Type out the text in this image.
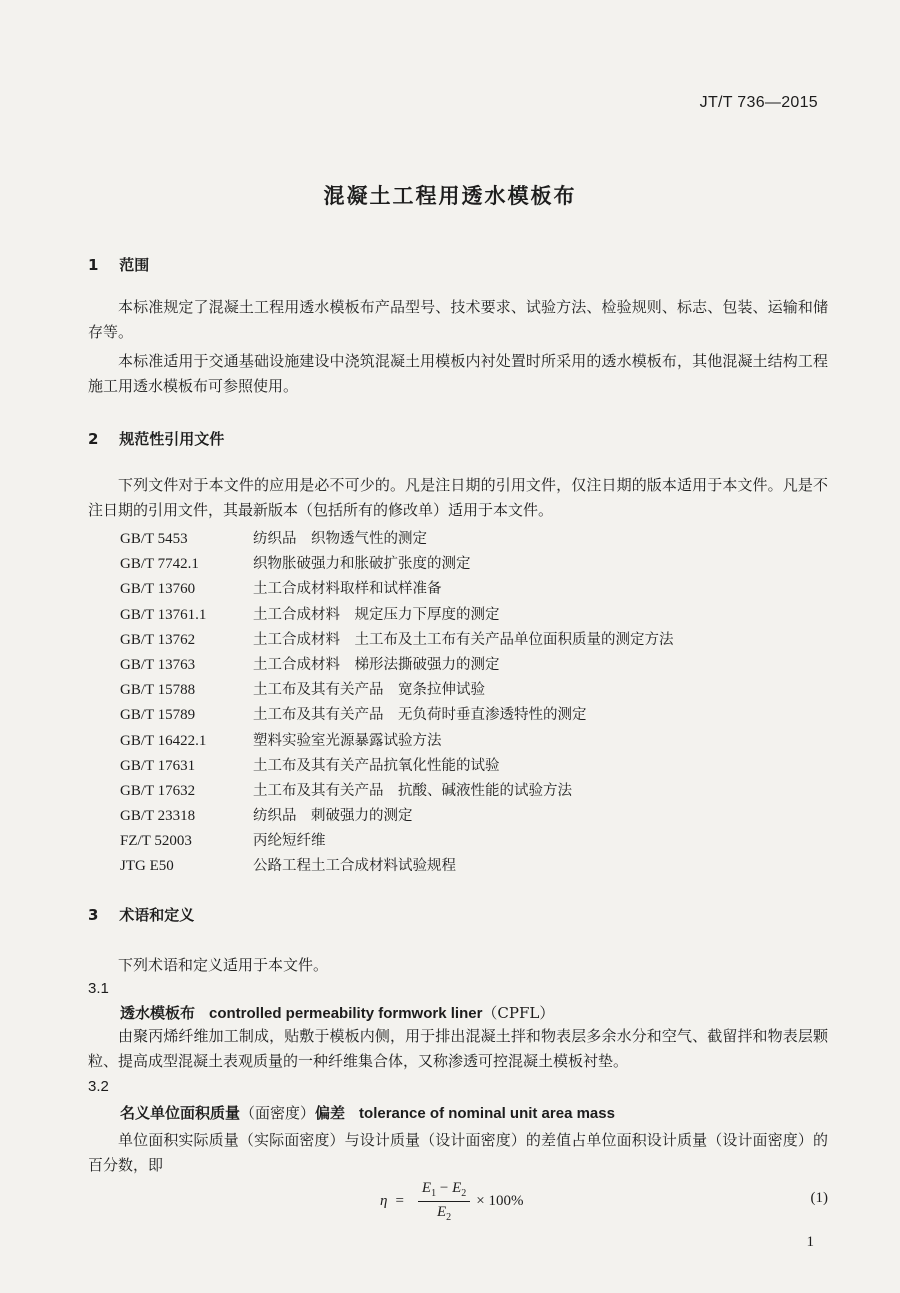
JT/T 736—2015
混凝土工程用透水模板布
1 范围

本标准规定了混凝土工程用透水模板布产品型号、技术要求、试验方法、检验规则、标志、包装、运输和储存等。

本标准适用于交通基础设施建设中浇筑混凝土用模板内衬处置时所采用的透水模板布，其他混凝土结构工程施工用透水模板布可参照使用。

2 规范性引用文件

下列文件对于本文件的应用是必不可少的。凡是注日期的引用文件，仅注日期的版本适用于本文件。凡是不注日期的引用文件，其最新版本（包括所有的修改单）适用于本文件。

GB/T 5453	纺织品　织物透气性的测定
GB/T 7742.1	织物胀破强力和胀破扩张度的测定
GB/T 13760	土工合成材料取样和试样准备
GB/T 13761.1	土工合成材料　规定压力下厚度的测定
GB/T 13762	土工合成材料　土工布及土工布有关产品单位面积质量的测定方法
GB/T 13763	土工合成材料　梯形法撕破强力的测定
GB/T 15788	土工布及其有关产品　宽条拉伸试验
GB/T 15789	土工布及其有关产品　无负荷时垂直渗透特性的测定
GB/T 16422.1	塑料实验室光源暴露试验方法
GB/T 17631	土工布及其有关产品抗氧化性能的试验
GB/T 17632	土工布及其有关产品　抗酸、碱液性能的试验方法
GB/T 23318	纺织品　刺破强力的测定
FZ/T 52003	丙纶短纤维
JTG E50	公路工程土工合成材料试验规程
3 术语和定义

下列术语和定义适用于本文件。

3.1
透水模板布 controlled permeability formwork liner（CPFL）

由聚丙烯纤维加工制成，贴敷于模板内侧，用于排出混凝土拌和物表层多余水分和空气、截留拌和物表层颗粒、提高成型混凝土表观质量的一种纤维集合体，又称渗透可控混凝土模板衬垫。

3.2
名义单位面积质量（面密度）偏差 tolerance of nominal unit area mass

单位面积实际质量（实际面密度）与设计质量（设计面密度）的差值占单位面积设计质量（设计面密度）的百分数，即

$\eta = \frac{E_1 - E_2}{E_2} \times 100\%$	(1)
1
